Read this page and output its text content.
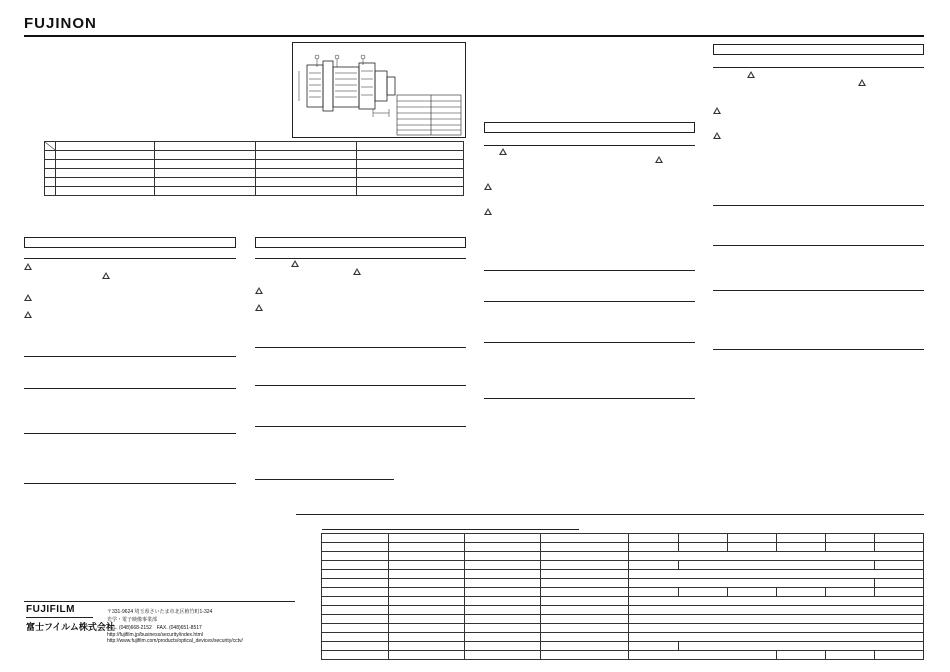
FUJINON

FUJIFILM
富士フイルム株式会社
〒331-9624 埼玉県さいたま市北区植竹町1-324
光学・電子映像事業部
TEL. (048)668-2152　FAX. (048)651-8517
http://fujifilm.jp/business/security/index.html
http://www.fujifilm.com/products/optical_devices/security/cctv/
